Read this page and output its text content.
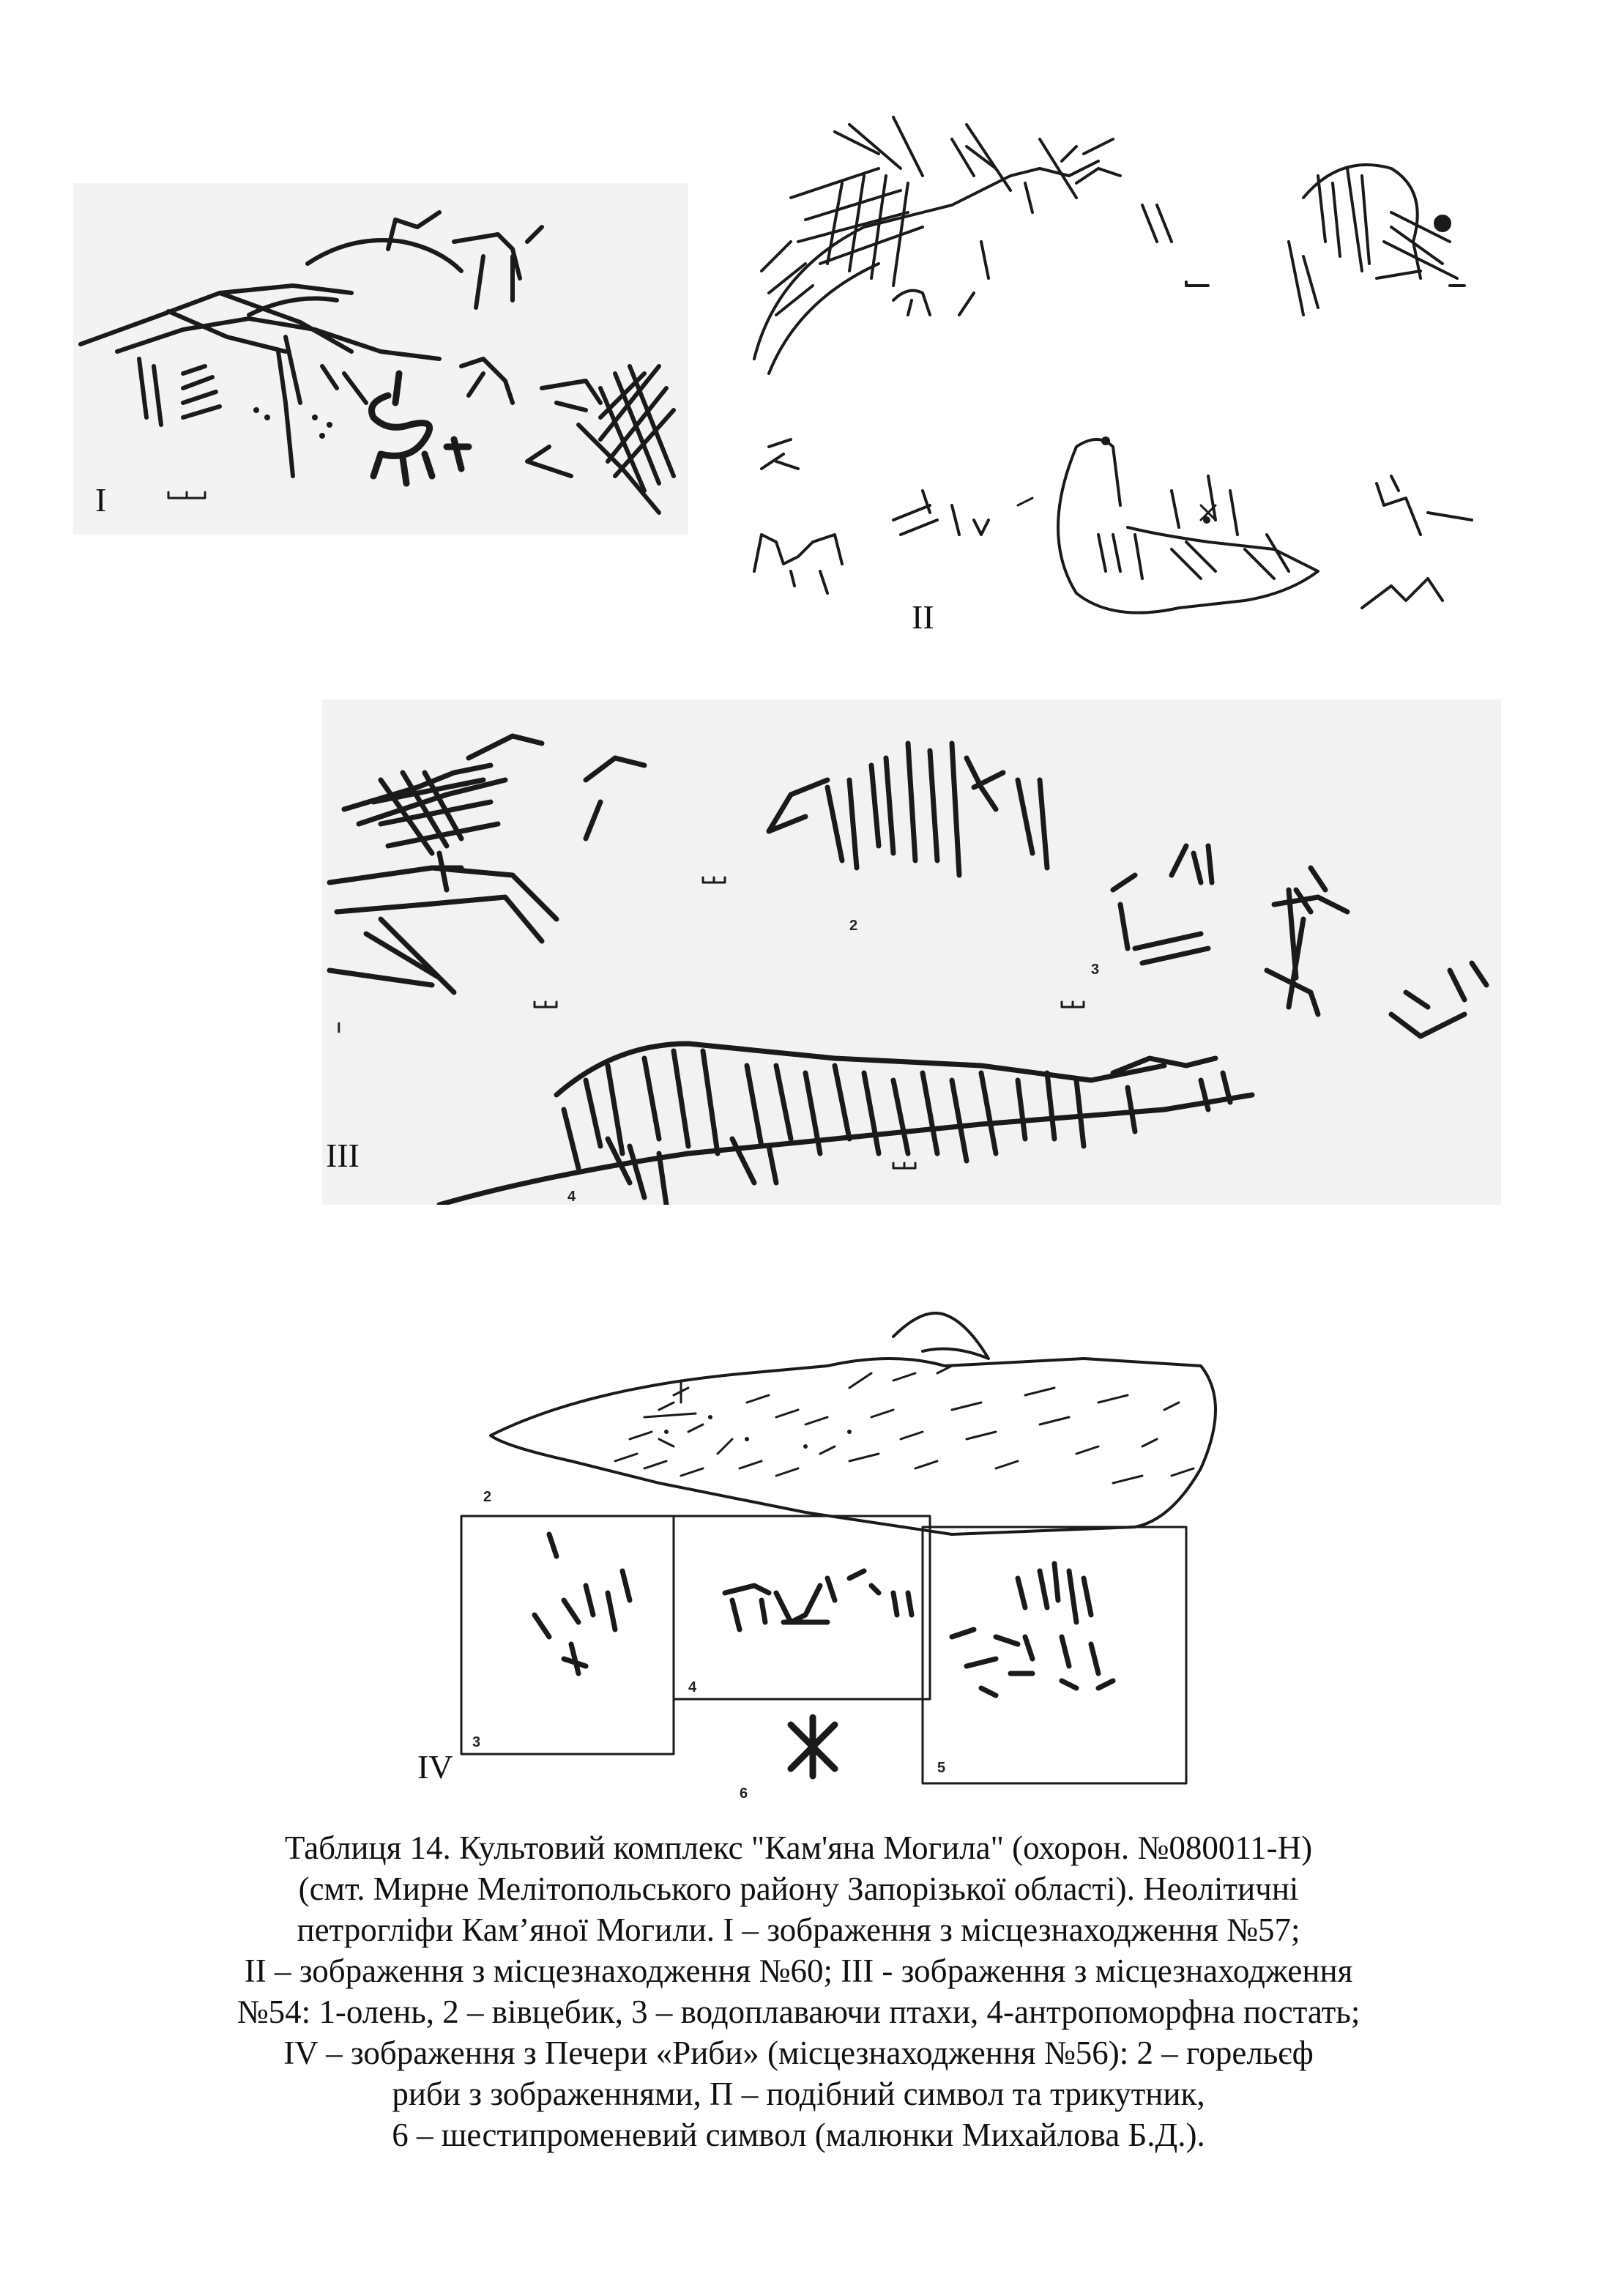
I
II
I
2
3
4
III
2
3
4
5
6
IV
Таблиця 14. Культовий комплекс "Кам'яна Могила" (охорон. №080011-Н)
(смт. Мирне Мелітопольського району Запорізької області). Неолітичні
петрогліфи Кам’яної Могили. I – зображення з місцезнаходження №57;
II – зображення з місцезнаходження №60; III - зображення з місцезнаходження
№54: 1-олень, 2 – вівцебик, 3 – водоплаваючи птахи, 4-антропоморфна постать;
IV – зображення з Печери «Риби» (місцезнаходження №56): 2 – горельєф
риби з зображеннями, П – подібний символ та трикутник,
6 – шестипроменевий символ (малюнки Михайлова Б.Д.).
